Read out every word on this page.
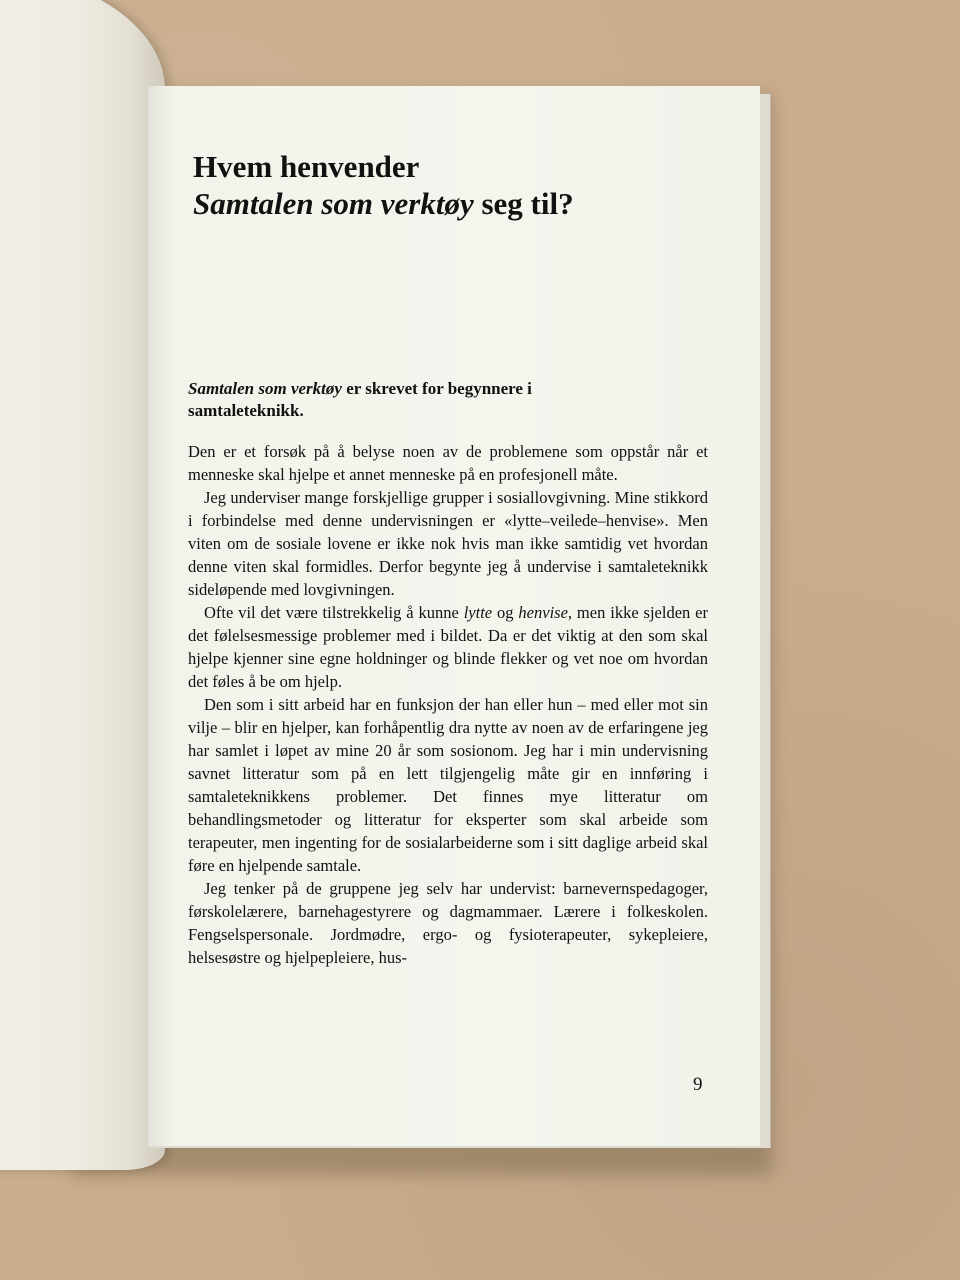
Hvem henvender
Samtalen som verktøy seg til?

Samtalen som verktøy er skrevet for begynnere i samtaleteknikk.

Den er et forsøk på å belyse noen av de problemene som oppstår når et menneske skal hjelpe et annet menneske på en profesjonell måte.

Jeg underviser mange forskjellige grupper i sosiallovgivning. Mine stikkord i forbindelse med denne undervisningen er «lytte–veilede–henvise». Men viten om de sosiale lovene er ikke nok hvis man ikke samtidig vet hvordan denne viten skal formidles. Derfor begynte jeg å undervise i samtaleteknikk sideløpende med lovgivningen.

Ofte vil det være tilstrekkelig å kunne lytte og henvise, men ikke sjelden er det følelsesmessige problemer med i bildet. Da er det viktig at den som skal hjelpe kjenner sine egne holdninger og blinde flekker og vet noe om hvordan det føles å be om hjelp.

Den som i sitt arbeid har en funksjon der han eller hun – med eller mot sin vilje – blir en hjelper, kan forhåpentlig dra nytte av noen av de erfaringene jeg har samlet i løpet av mine 20 år som sosionom. Jeg har i min undervisning savnet litteratur som på en lett tilgjengelig måte gir en innføring i samtaleteknikkens problemer. Det finnes mye litteratur om behandlingsmetoder og litteratur for eksperter som skal arbeide som terapeuter, men ingenting for de sosialarbeiderne som i sitt daglige arbeid skal føre en hjelpende samtale.

Jeg tenker på de gruppene jeg selv har undervist: barnevernspedagoger, førskolelærere, barnehagestyrere og dagmammaer. Lærere i folkeskolen. Fengselspersonale. Jordmødre, ergo- og fysioterapeuter, sykepleiere, helsesøstre og hjelpepleiere, hus-

9
